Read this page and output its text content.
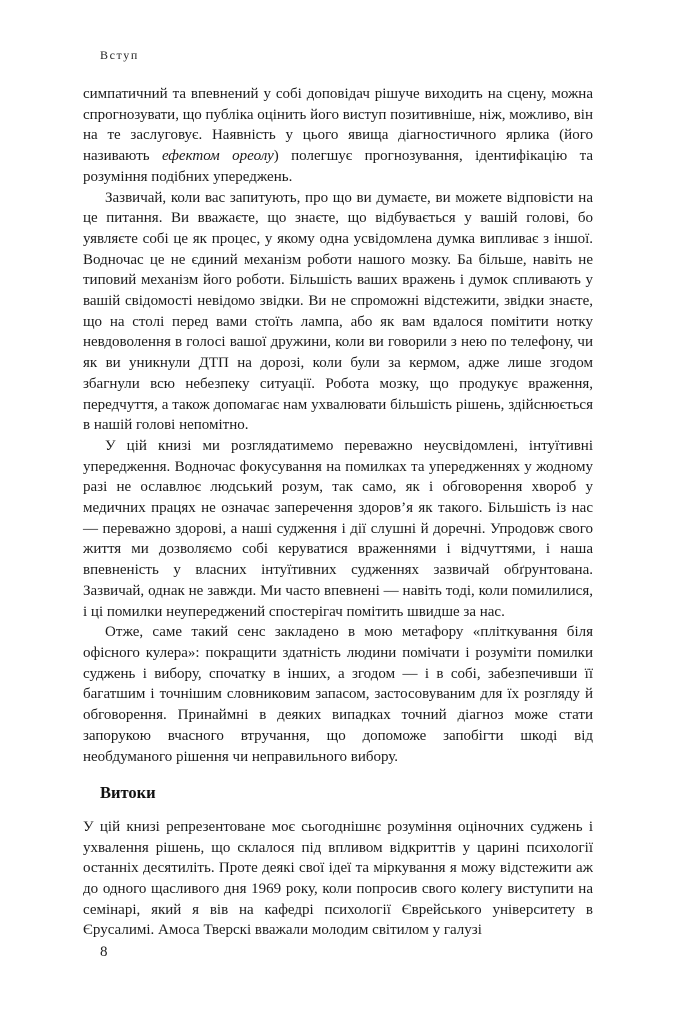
Вступ

симпатичний та впевнений у собі доповідач рішуче виходить на сцену, можна спрогнозувати, що публіка оцінить його виступ позитивніше, ніж, можливо, він на те заслуговує. Наявність у цього явища діагностичного ярлика (його називають ефектом ореолу) полегшує прогнозування, ідентифікацію та розуміння подібних упереджень.

Зазвичай, коли вас запитують, про що ви думаєте, ви можете відповісти на це питання. Ви вважаєте, що знаєте, що відбувається у вашій голові, бо уявляєте собі це як процес, у якому одна усвідомлена думка випливає з іншої. Водночас це не єдиний механізм роботи нашого мозку. Ба більше, навіть не типовий механізм його роботи. Більшість ваших вражень і думок спливають у вашій свідомості невідомо звідки. Ви не спроможні відстежити, звідки знаєте, що на столі перед вами стоїть лампа, або як вам вдалося помітити нотку невдоволення в голосі вашої дружини, коли ви говорили з нею по телефону, чи як ви уникнули ДТП на дорозі, коли були за кермом, адже лише згодом збагнули всю небезпеку ситуації. Робота мозку, що продукує враження, передчуття, а також допомагає нам ухвалювати більшість рішень, здійснюється в нашій голові непомітно.

У цій книзі ми розглядатимемо переважно неусвідомлені, інтуїтивні упередження. Водночас фокусування на помилках та упередженнях у жодному разі не ославлює людський розум, так само, як і обговорення хвороб у медичних працях не означає заперечення здоров’я як такого. Більшість із нас — переважно здорові, а наші судження і дії слушні й доречні. Упродовж свого життя ми дозволяємо собі керуватися враженнями і відчуттями, і наша впевненість у власних інтуїтивних судженнях зазвичай обґрунтована. Зазвичай, однак не завжди. Ми часто впевнені — навіть тоді, коли помилилися, і ці помилки неупереджений спостерігач помітить швидше за нас.

Отже, саме такий сенс закладено в мою метафору «пліткування біля офісного кулера»: покращити здатність людини помічати і розуміти помилки суджень і вибору, спочатку в інших, а згодом — і в собі, забезпечивши її багатшим і точнішим словниковим запасом, застосовуваним для їх розгляду й обговорення. Принаймні в деяких випадках точний діагноз може стати запорукою вчасного втручання, що допоможе запобігти шкоді від необдуманого рішення чи неправильного вибору.

Витоки

У цій книзі репрезентоване моє сьогоднішнє розуміння оціночних суджень і ухвалення рішень, що склалося під впливом відкриттів у царині психології останніх десятиліть. Проте деякі свої ідеї та міркування я можу відстежити аж до одного щасливого дня 1969 року, коли попросив свого колегу виступити на семінарі, який я вів на кафедрі психології Єврейського університету в Єрусалимі. Амоса Тверскі вважали молодим світилом у галузі

8
